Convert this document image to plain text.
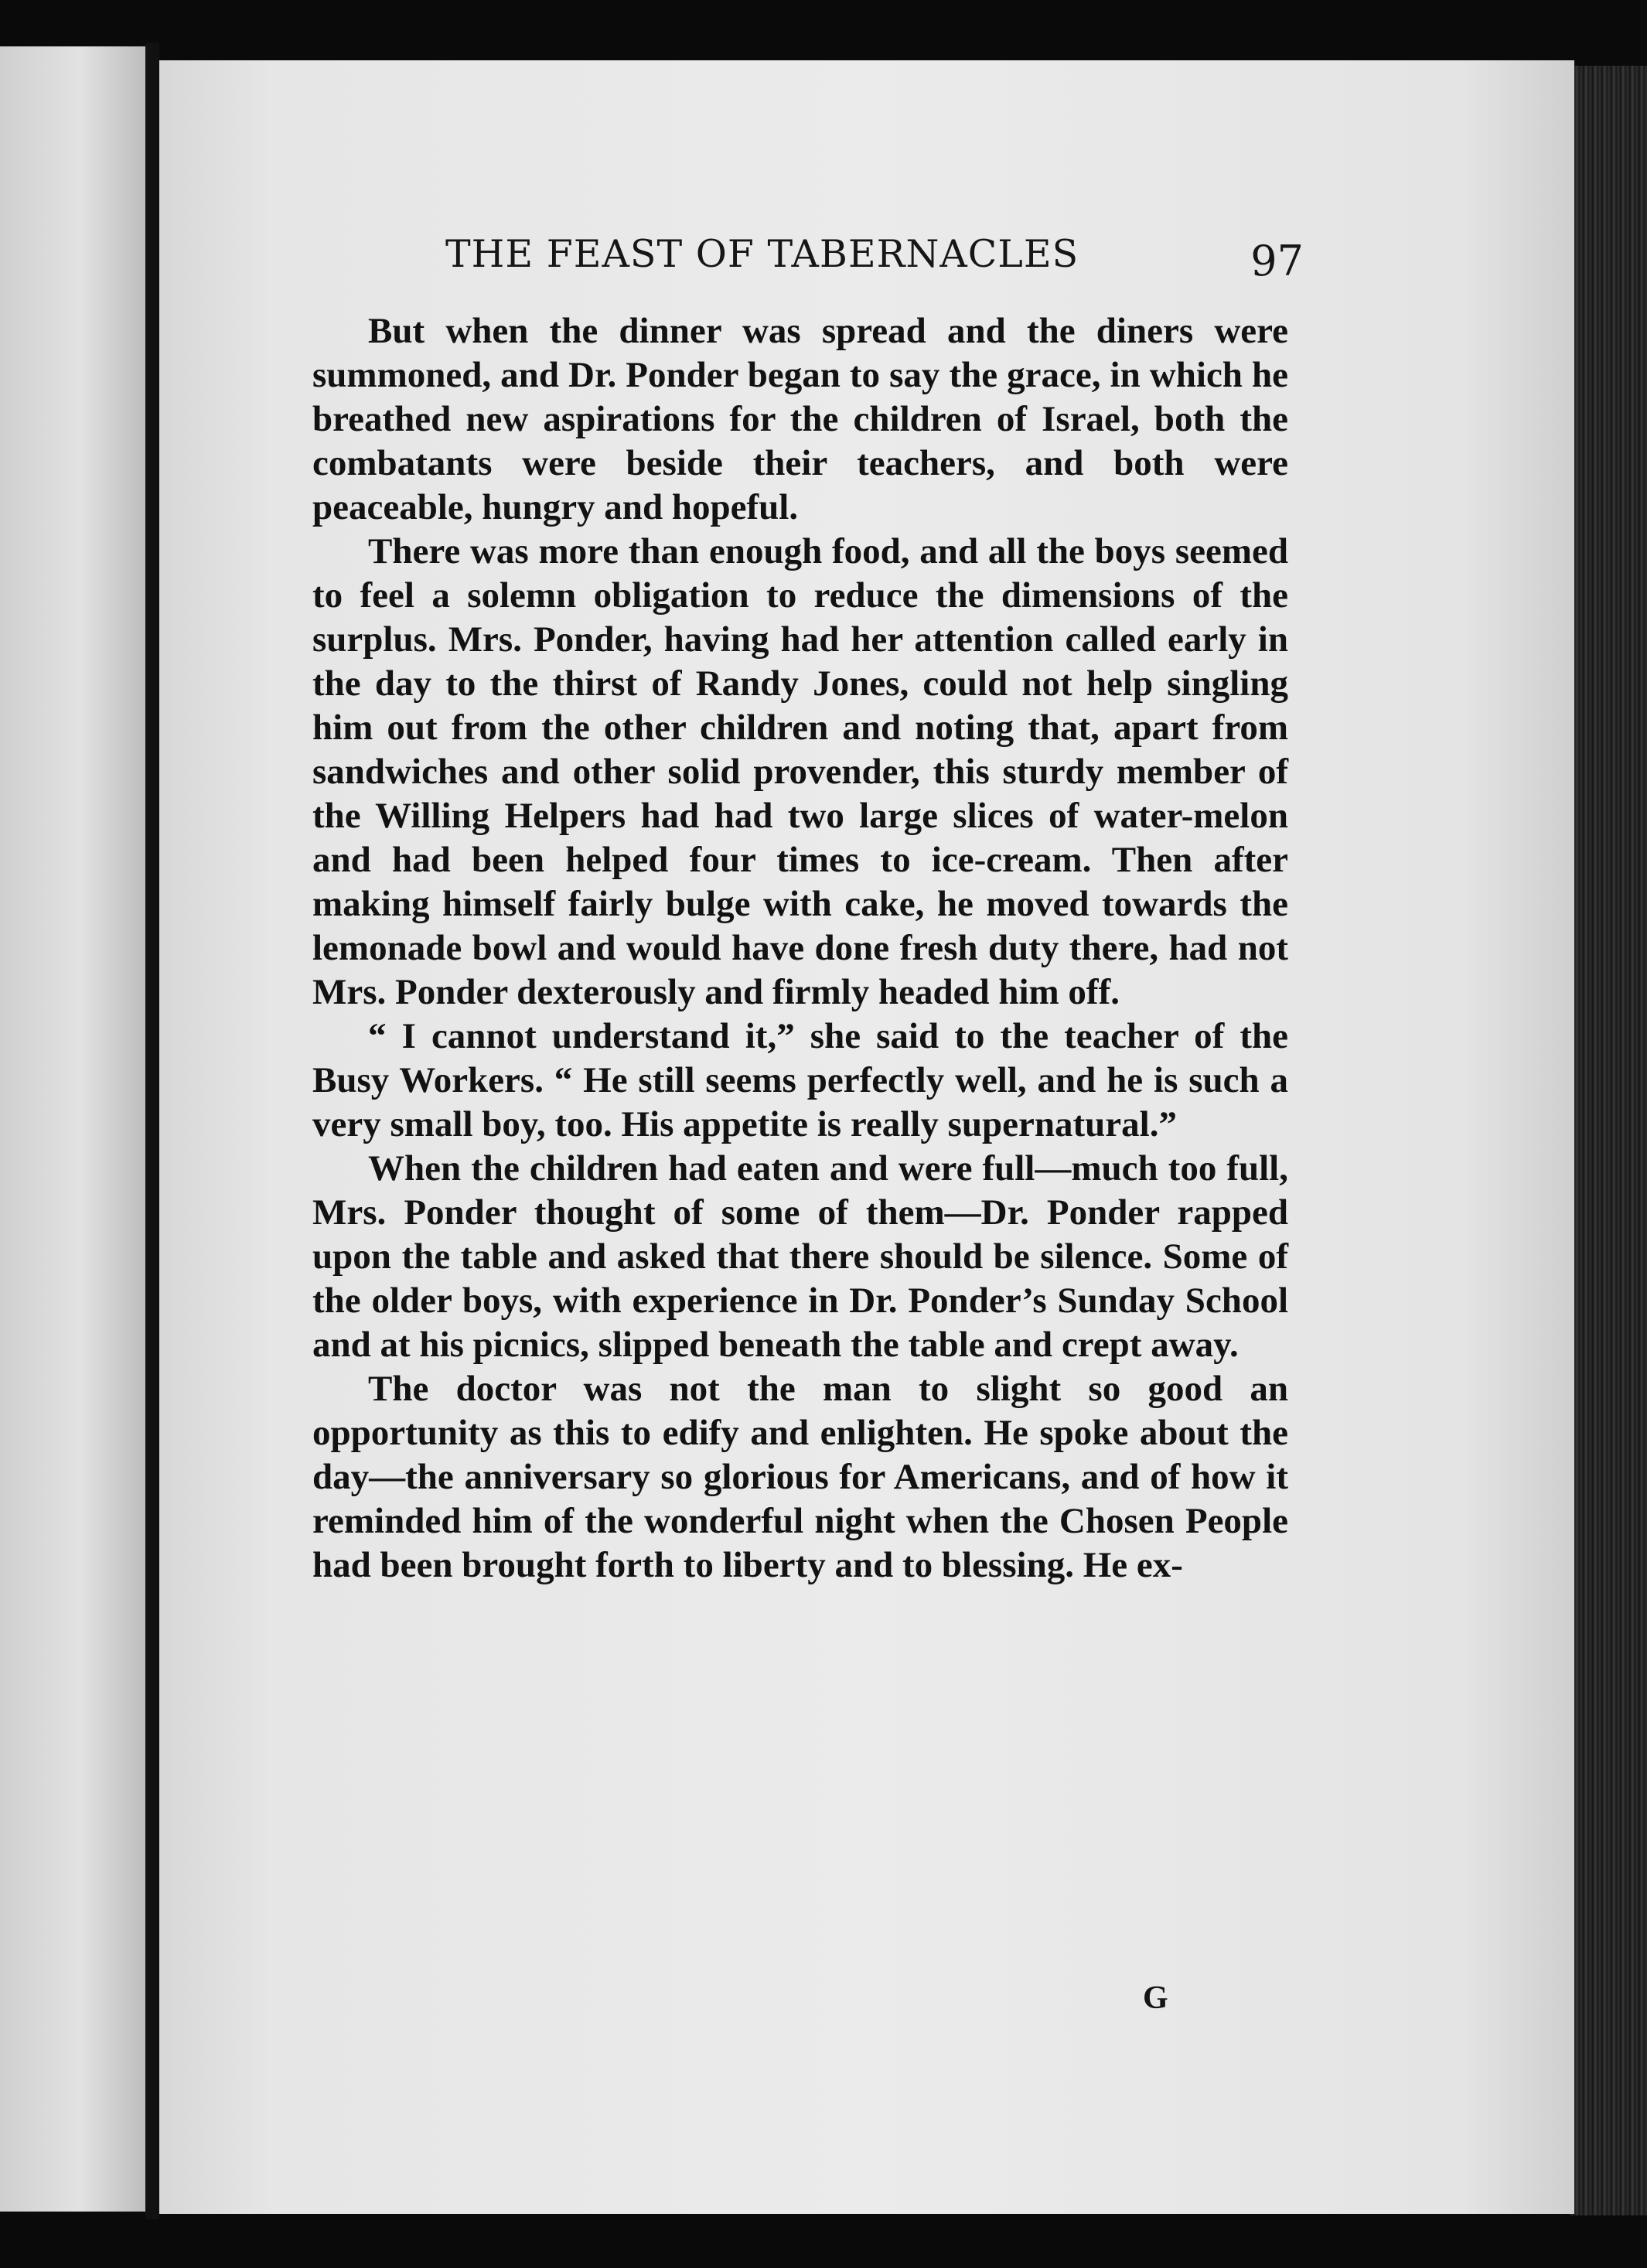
THE FEAST OF TABERNACLES	97

But when the dinner was spread and the diners were summoned, and Dr. Ponder began to say the grace, in which he breathed new aspirations for the children of Israel, both the combatants were beside their teachers, and both were peaceable, hungry and hopeful.

There was more than enough food, and all the boys seemed to feel a solemn obligation to reduce the dimensions of the surplus. Mrs. Ponder, having had her attention called early in the day to the thirst of Randy Jones, could not help singling him out from the other children and noting that, apart from sandwiches and other solid provender, this sturdy member of the Willing Helpers had had two large slices of water-melon and had been helped four times to ice-cream. Then after making himself fairly bulge with cake, he moved towards the lemonade bowl and would have done fresh duty there, had not Mrs. Ponder dexterously and firmly headed him off.

“ I cannot understand it,” she said to the teacher of the Busy Workers. “ He still seems perfectly well, and he is such a very small boy, too. His appetite is really supernatural.”

When the children had eaten and were full—much too full, Mrs. Ponder thought of some of them—Dr. Ponder rapped upon the table and asked that there should be silence. Some of the older boys, with experience in Dr. Ponder’s Sunday School and at his picnics, slipped beneath the table and crept away.

The doctor was not the man to slight so good an opportunity as this to edify and enlighten. He spoke about the day—the anniversary so glorious for Americans, and of how it reminded him of the wonderful night when the Chosen People had been brought forth to liberty and to blessing. He ex-

G
